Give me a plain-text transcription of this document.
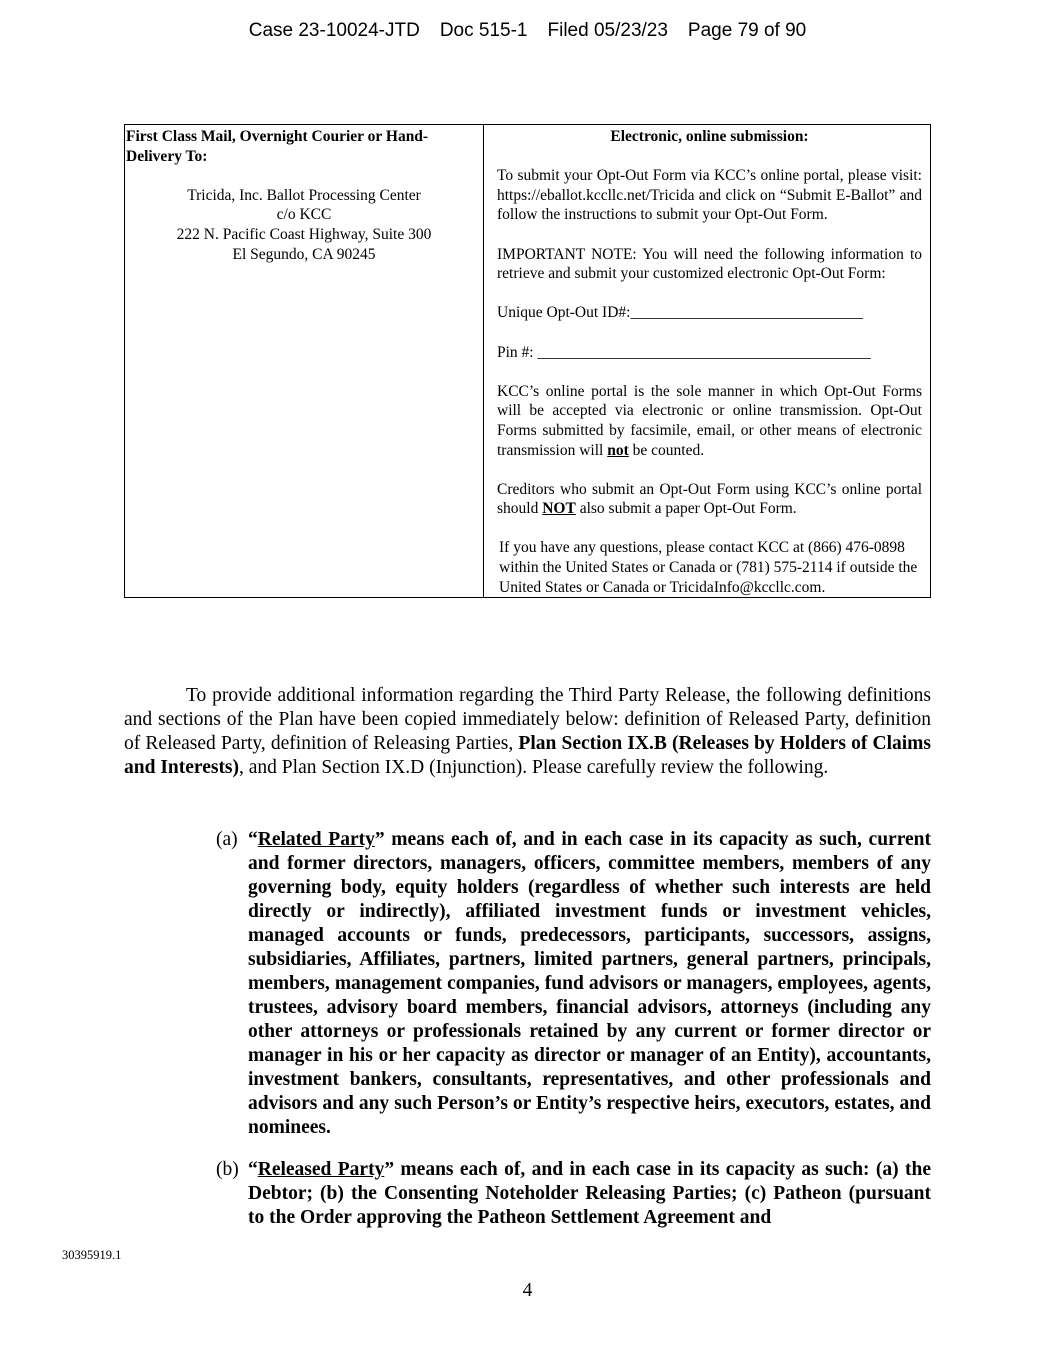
Case 23-10024-JTD Doc 515-1 Filed 05/23/23 Page 79 of 90
First Class Mail, Overnight Courier or Hand-Delivery To:
Tricida, Inc. Ballot Processing Center
c/o KCC
222 N. Pacific Coast Highway, Suite 300
El Segundo, CA 90245

Electronic, online submission:
To submit your Opt-Out Form via KCC’s online portal, please visit: https://eballot.kccllc.net/Tricida and click on “Submit E-Ballot” and follow the instructions to submit your Opt-Out Form.
IMPORTANT NOTE: You will need the following information to retrieve and submit your customized electronic Opt-Out Form:
Unique Opt-Out ID#:______________________________
Pin #: ___________________________________________
KCC’s online portal is the sole manner in which Opt-Out Forms will be accepted via electronic or online transmission. Opt-Out Forms submitted by facsimile, email, or other means of electronic transmission will not be counted.
Creditors who submit an Opt-Out Form using KCC’s online portal should NOT also submit a paper Opt-Out Form.
If you have any questions, please contact KCC at (866) 476-0898 within the United States or Canada or (781) 575-2114 if outside the United States or Canada or TricidaInfo@kccllc.com.

To provide additional information regarding the Third Party Release, the following definitions and sections of the Plan have been copied immediately below: definition of Released Party, definition of Released Party, definition of Releasing Parties, Plan Section IX.B (Releases by Holders of Claims and Interests), and Plan Section IX.D (Injunction). Please carefully review the following.

(a) “Related Party” means each of, and in each case in its capacity as such, current and former directors, managers, officers, committee members, members of any governing body, equity holders (regardless of whether such interests are held directly or indirectly), affiliated investment funds or investment vehicles, managed accounts or funds, predecessors, participants, successors, assigns, subsidiaries, Affiliates, partners, limited partners, general partners, principals, members, management companies, fund advisors or managers, employees, agents, trustees, advisory board members, financial advisors, attorneys (including any other attorneys or professionals retained by any current or former director or manager in his or her capacity as director or manager of an Entity), accountants, investment bankers, consultants, representatives, and other professionals and advisors and any such Person’s or Entity’s respective heirs, executors, estates, and nominees.
(b) “Released Party” means each of, and in each case in its capacity as such: (a) the Debtor; (b) the Consenting Noteholder Releasing Parties; (c) Patheon (pursuant to the Order approving the Patheon Settlement Agreement and
30395919.1
4
